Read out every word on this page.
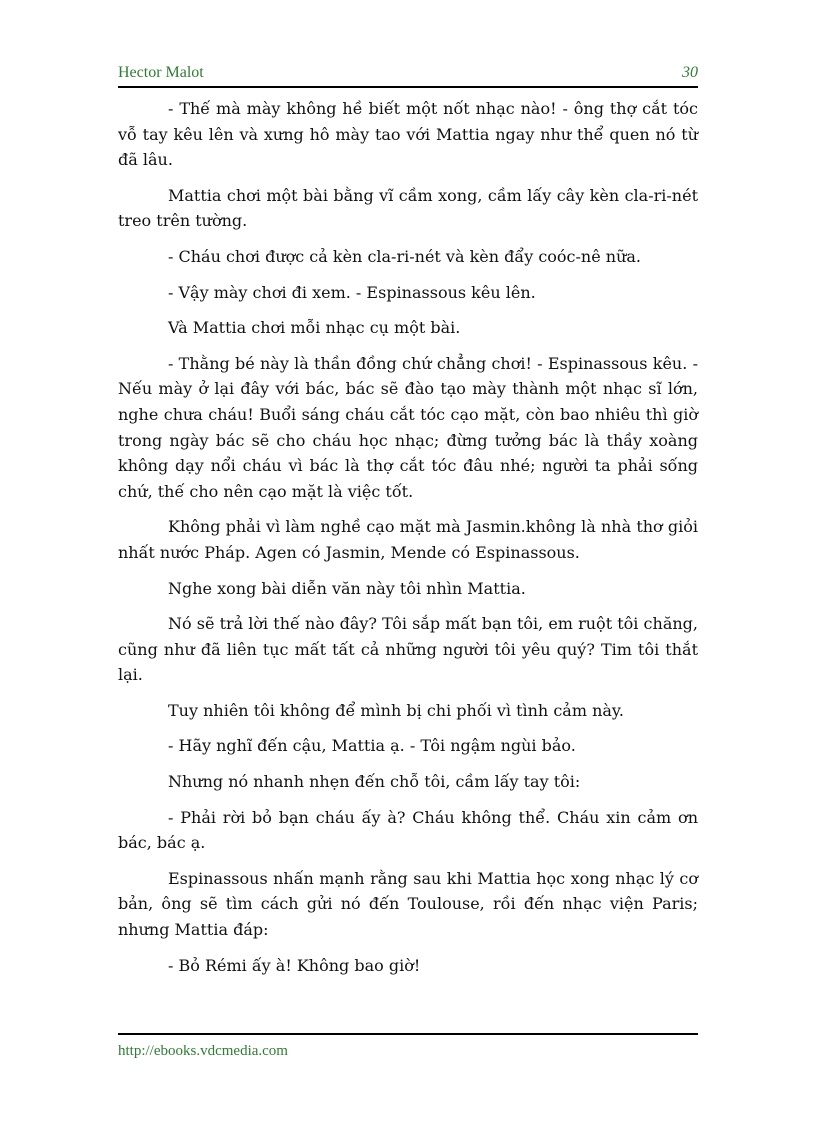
Hector Malot	30

- Thế mà mày không hề biết một nốt nhạc nào! - ông thợ cắt tóc vỗ tay kêu lên và xưng hô mày tao với Mattia ngay như thể quen nó từ đã lâu.

Mattia chơi một bài bằng vĩ cầm xong, cầm lấy cây kèn cla-ri-nét treo trên tường.

- Cháu chơi được cả kèn cla-ri-nét và kèn đẩy coóc-nê nữa.

- Vậy mày chơi đi xem. - Espinassous kêu lên.

Và Mattia chơi mỗi nhạc cụ một bài.

- Thằng bé này là thần đồng chứ chẳng chơi! - Espinassous kêu. - Nếu mày ở lại đây với bác, bác sẽ đào tạo mày thành một nhạc sĩ lớn, nghe chưa cháu! Buổi sáng cháu cắt tóc cạo mặt, còn bao nhiêu thì giờ trong ngày bác sẽ cho cháu học nhạc; đừng tưởng bác là thầy xoàng không dạy nổi cháu vì bác là thợ cắt tóc đâu nhé; người ta phải sống chứ, thế cho nên cạo mặt là việc tốt.

Không phải vì làm nghề cạo mặt mà Jasmin.không là nhà thơ giỏi nhất nước Pháp. Agen có Jasmin, Mende có Espinassous.

Nghe xong bài diễn văn này tôi nhìn Mattia.

Nó sẽ trả lời thế nào đây? Tôi sắp mất bạn tôi, em ruột tôi chăng, cũng như đã liên tục mất tất cả những người tôi yêu quý? Tim tôi thắt lại.

Tuy nhiên tôi không để mình bị chi phối vì tình cảm này.

- Hãy nghĩ đến cậu, Mattia ạ. - Tôi ngậm ngùi bảo.

Nhưng nó nhanh nhẹn đến chỗ tôi, cầm lấy tay tôi:

- Phải rời bỏ bạn cháu ấy à? Cháu không thể. Cháu xin cảm ơn bác, bác ạ.

Espinassous nhấn mạnh rằng sau khi Mattia học xong nhạc lý cơ bản, ông sẽ tìm cách gửi nó đến Toulouse, rồi đến nhạc viện Paris; nhưng Mattia đáp:

- Bỏ Rémi ấy à! Không bao giờ!

http://ebooks.vdcmedia.com
